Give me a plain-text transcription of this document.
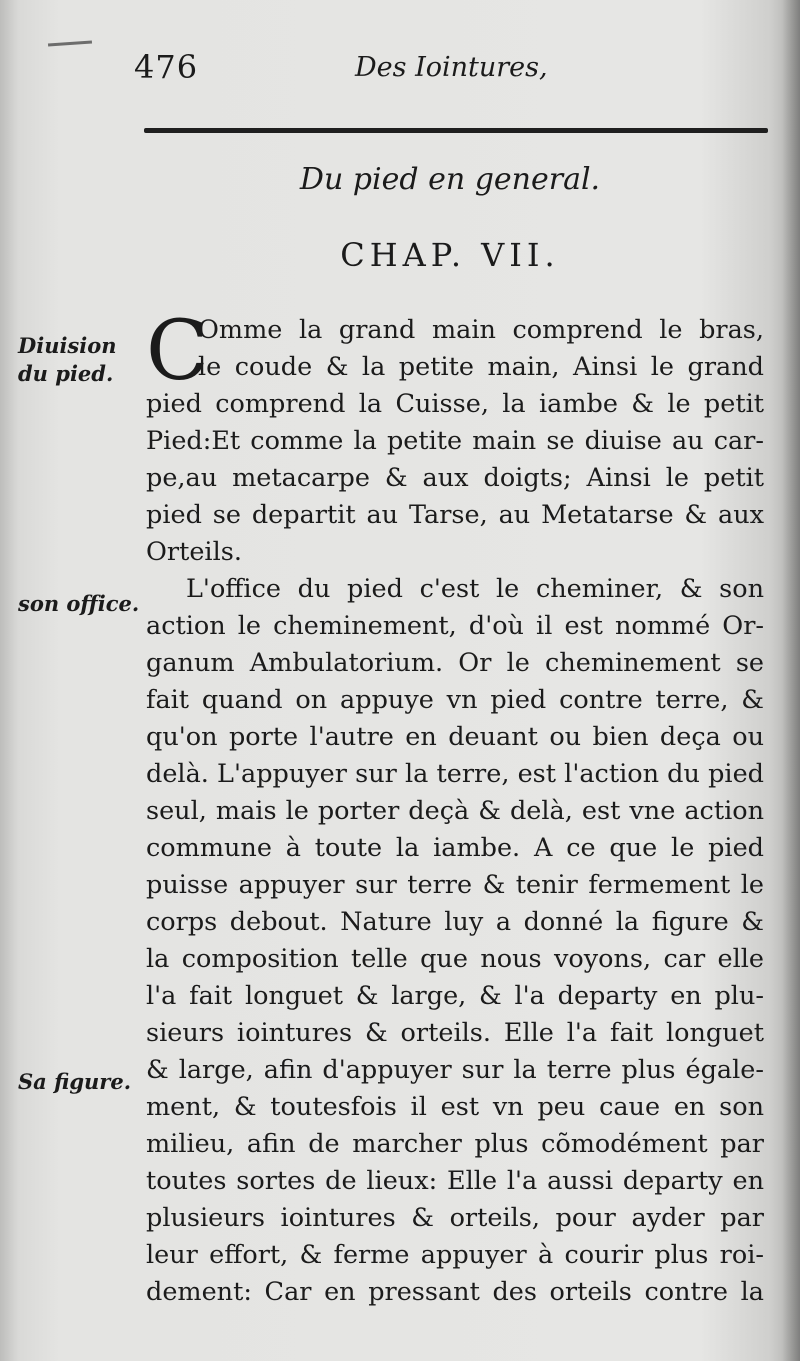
476	Des Iointures,
Du pied en general.
CHAP. VII.
Diuision
du pied.
son office.
Sa figure.
C
Omme la grand main comprend le bras,
le coude & la petite main, Ainsi le grand
pied comprend la Cuisse, la iambe & le petit
Pied:Et comme la petite main se diuise au car-
pe,au metacarpe & aux doigts; Ainsi le petit
pied se departit au Tarse, au Metatarse & aux
Orteils.
L'office du pied c'est le cheminer, & son
action le cheminement, d'où il est nommé Or-
ganum Ambulatorium. Or le cheminement se
fait quand on appuye vn pied contre terre, &
qu'on porte l'autre en deuant ou bien deça ou
delà. L'appuyer sur la terre, est l'action du pied
seul, mais le porter deçà & delà, est vne action
commune à toute la iambe. A ce que le pied
puisse appuyer sur terre & tenir fermement le
corps debout. Nature luy a donné la figure &
la composition telle que nous voyons, car elle
l'a fait longuet & large, & l'a departy en plu-
sieurs iointures & orteils. Elle l'a fait longuet
& large, afin d'appuyer sur la terre plus égale-
ment, & toutesfois il est vn peu caue en son
milieu, afin de marcher plus cõmodément par
toutes sortes de lieux: Elle l'a aussi departy en
plusieurs iointures & orteils, pour ayder par
leur effort, & ferme appuyer à courir plus roi-
dement: Car en pressant des orteils contre la
